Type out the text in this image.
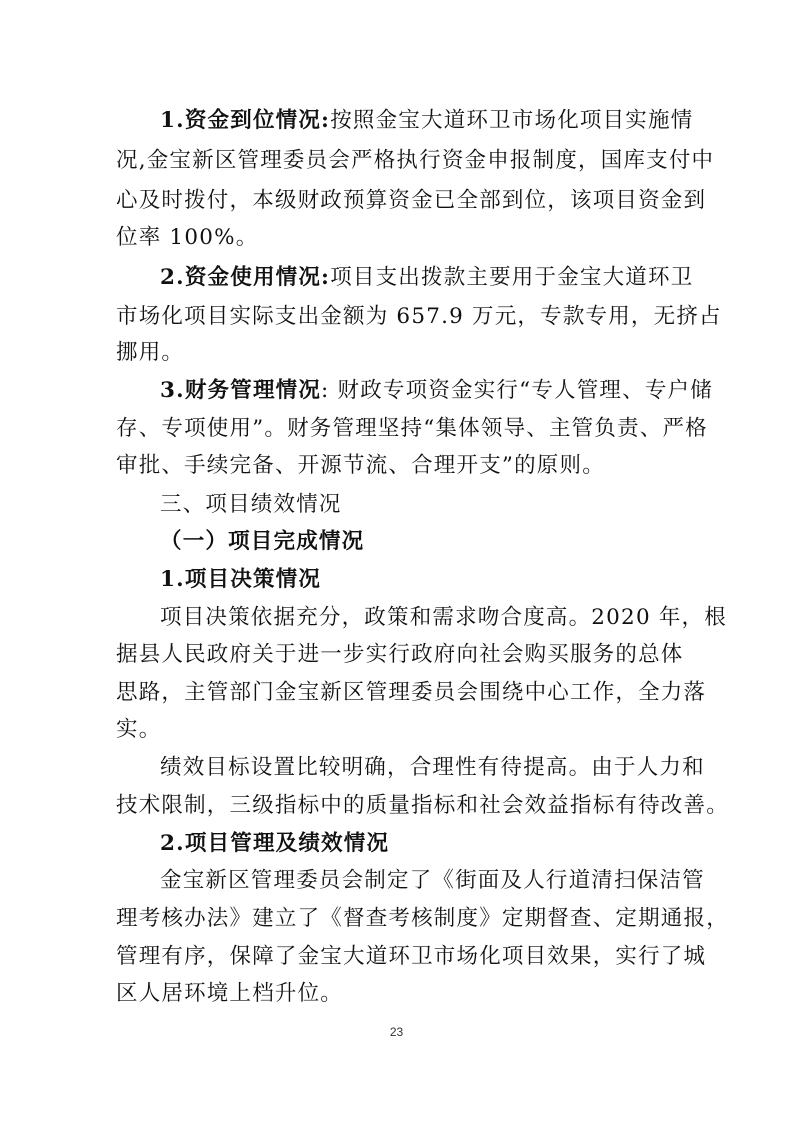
1.资金到位情况:按照金宝大道环卫市场化项目实施情
况,金宝新区管理委员会严格执行资金申报制度，国库支付中
心及时拨付，本级财政预算资金已全部到位，该项目资金到
位率 100%。
2.资金使用情况:项目支出拨款主要用于金宝大道环卫
市场化项目实际支出金额为 657.9 万元，专款专用，无挤占
挪用。
3.财务管理情况: 财政专项资金实行“专人管理、专户储
存、专项使用”。财务管理坚持“集体领导、主管负责、严格
审批、手续完备、开源节流、合理开支”的原则。
三、项目绩效情况
（一）项目完成情况
1.项目决策情况
项目决策依据充分，政策和需求吻合度高。2020 年，根
据县人民政府关于进一步实行政府向社会购买服务的总体
思路，主管部门金宝新区管理委员会围绕中心工作，全力落
实。
绩效目标设置比较明确，合理性有待提高。由于人力和
技术限制，三级指标中的质量指标和社会效益指标有待改善。
2.项目管理及绩效情况
金宝新区管理委员会制定了《街面及人行道清扫保洁管
理考核办法》建立了《督查考核制度》定期督查、定期通报，
管理有序，保障了金宝大道环卫市场化项目效果，实行了城
区人居环境上档升位。
23
